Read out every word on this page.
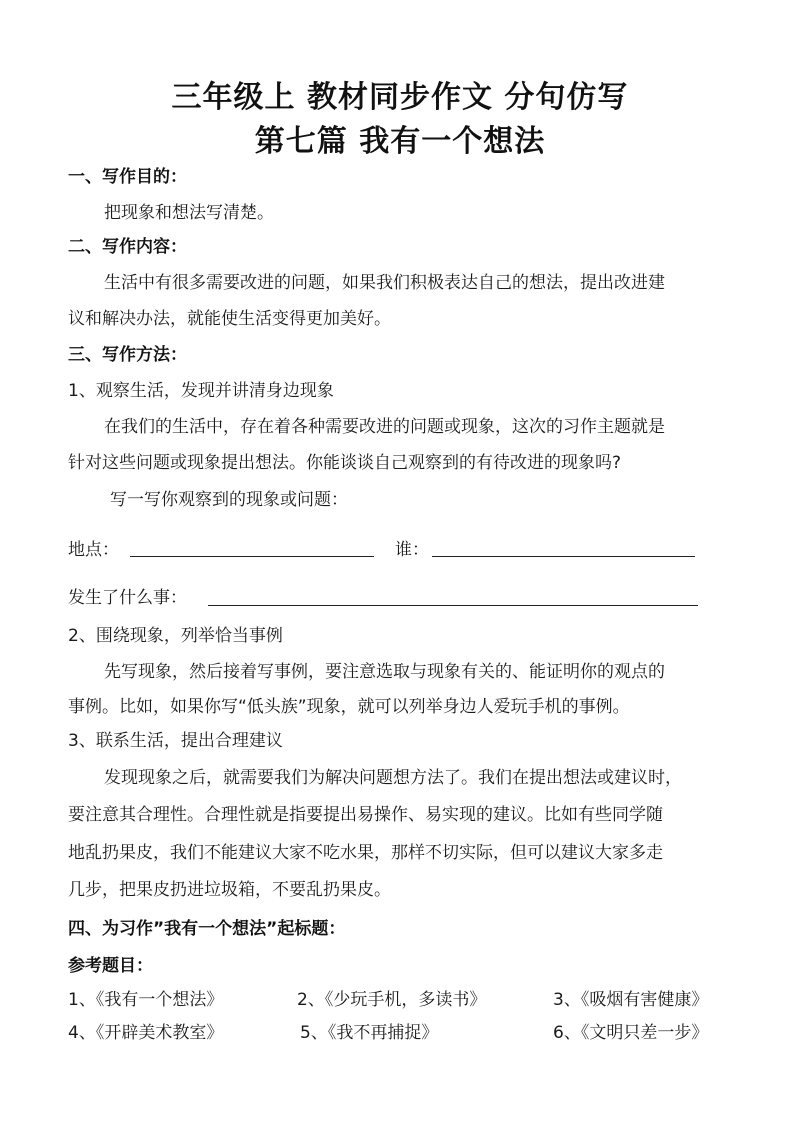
三年级上 教材同步作文 分句仿写
第七篇 我有一个想法
一、写作目的：
把现象和想法写清楚。
二、写作内容：
生活中有很多需要改进的问题，如果我们积极表达自己的想法，提出改进建
议和解决办法，就能使生活变得更加美好。
三、写作方法：
1、观察生活，发现并讲清身边现象
在我们的生活中，存在着各种需要改进的问题或现象，这次的习作主题就是
针对这些问题或现象提出想法。你能谈谈自己观察到的有待改进的现象吗?
写一写你观察到的现象或问题：
地点：	谁：
发生了什么事：
2、围绕现象，列举恰当事例
先写现象，然后接着写事例，要注意选取与现象有关的、能证明你的观点的
事例。比如，如果你写“低头族”现象，就可以列举身边人爱玩手机的事例。
3、联系生活，提出合理建议
发现现象之后，就需要我们为解决问题想方法了。我们在提出想法或建议时，
要注意其合理性。合理性就是指要提出易操作、易实现的建议。比如有些同学随
地乱扔果皮，我们不能建议大家不吃水果，那样不切实际，但可以建议大家多走
几步，把果皮扔进垃圾箱，不要乱扔果皮。
四、为习作”我有一个想法”起标题：
参考题目：
1、《我有一个想法》	2、《少玩手机，多读书》	3、《吸烟有害健康》
4、《开辟美术教室》	5、《我不再捕捉》	6、《文明只差一步》
